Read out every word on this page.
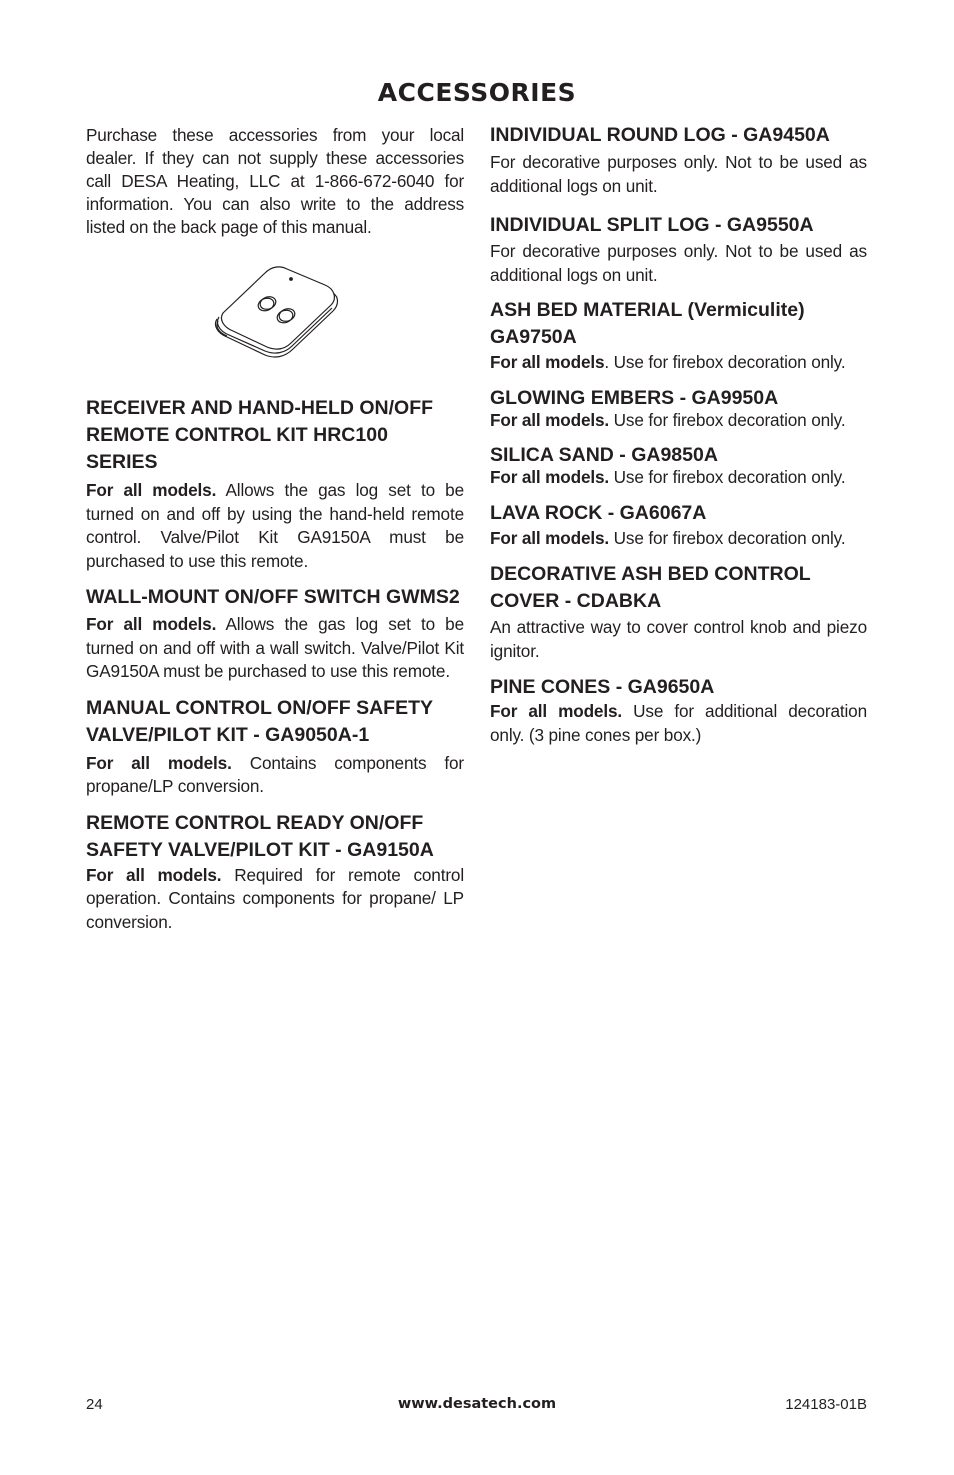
ACCESSORIES

Purchase these accessories from your local dealer. If they can not supply these accessories call DESA Heating, LLC at 1-866-672-6040 for information. You can also write to the address listed on the back page of this manual.

RECEIVER AND HAND-HELD ON/OFF REMOTE CONTROL KIT HRC100 SERIES

For all models. Allows the gas log set to be turned on and off by using the hand-held remote control. Valve/Pilot Kit GA9150A must be purchased to use this remote.

WALL-MOUNT ON/OFF SWITCH GWMS2

For all models. Allows the gas log set to be turned on and off with a wall switch. Valve/Pilot Kit GA9150A must be purchased to use this remote.

MANUAL CONTROL ON/OFF SAFETY VALVE/PILOT KIT - GA9050A-1

For all models. Contains components for propane/LP conversion.

REMOTE CONTROL READY ON/OFF SAFETY VALVE/PILOT KIT - GA9150A

For all models. Required for remote control operation. Contains components for propane/ LP conversion.

INDIVIDUAL ROUND LOG - GA9450A

For decorative purposes only. Not to be used as additional logs on unit.

INDIVIDUAL SPLIT LOG - GA9550A

For decorative purposes only. Not to be used as additional logs on unit.

ASH BED MATERIAL (Vermiculite) GA9750A

For all models. Use for firebox decoration only.

GLOWING EMBERS - GA9950A

For all models. Use for firebox decoration only.

SILICA SAND - GA9850A

For all models. Use for firebox decoration only.

LAVA ROCK - GA6067A

For all models. Use for firebox decoration only.

DECORATIVE ASH BED CONTROL COVER - CDABKA

An attractive way to cover control knob and piezo ignitor.

PINE CONES - GA9650A

For all models. Use for additional decoration only. (3 pine cones per box.)

24	www.desatech.com	124183-01B
